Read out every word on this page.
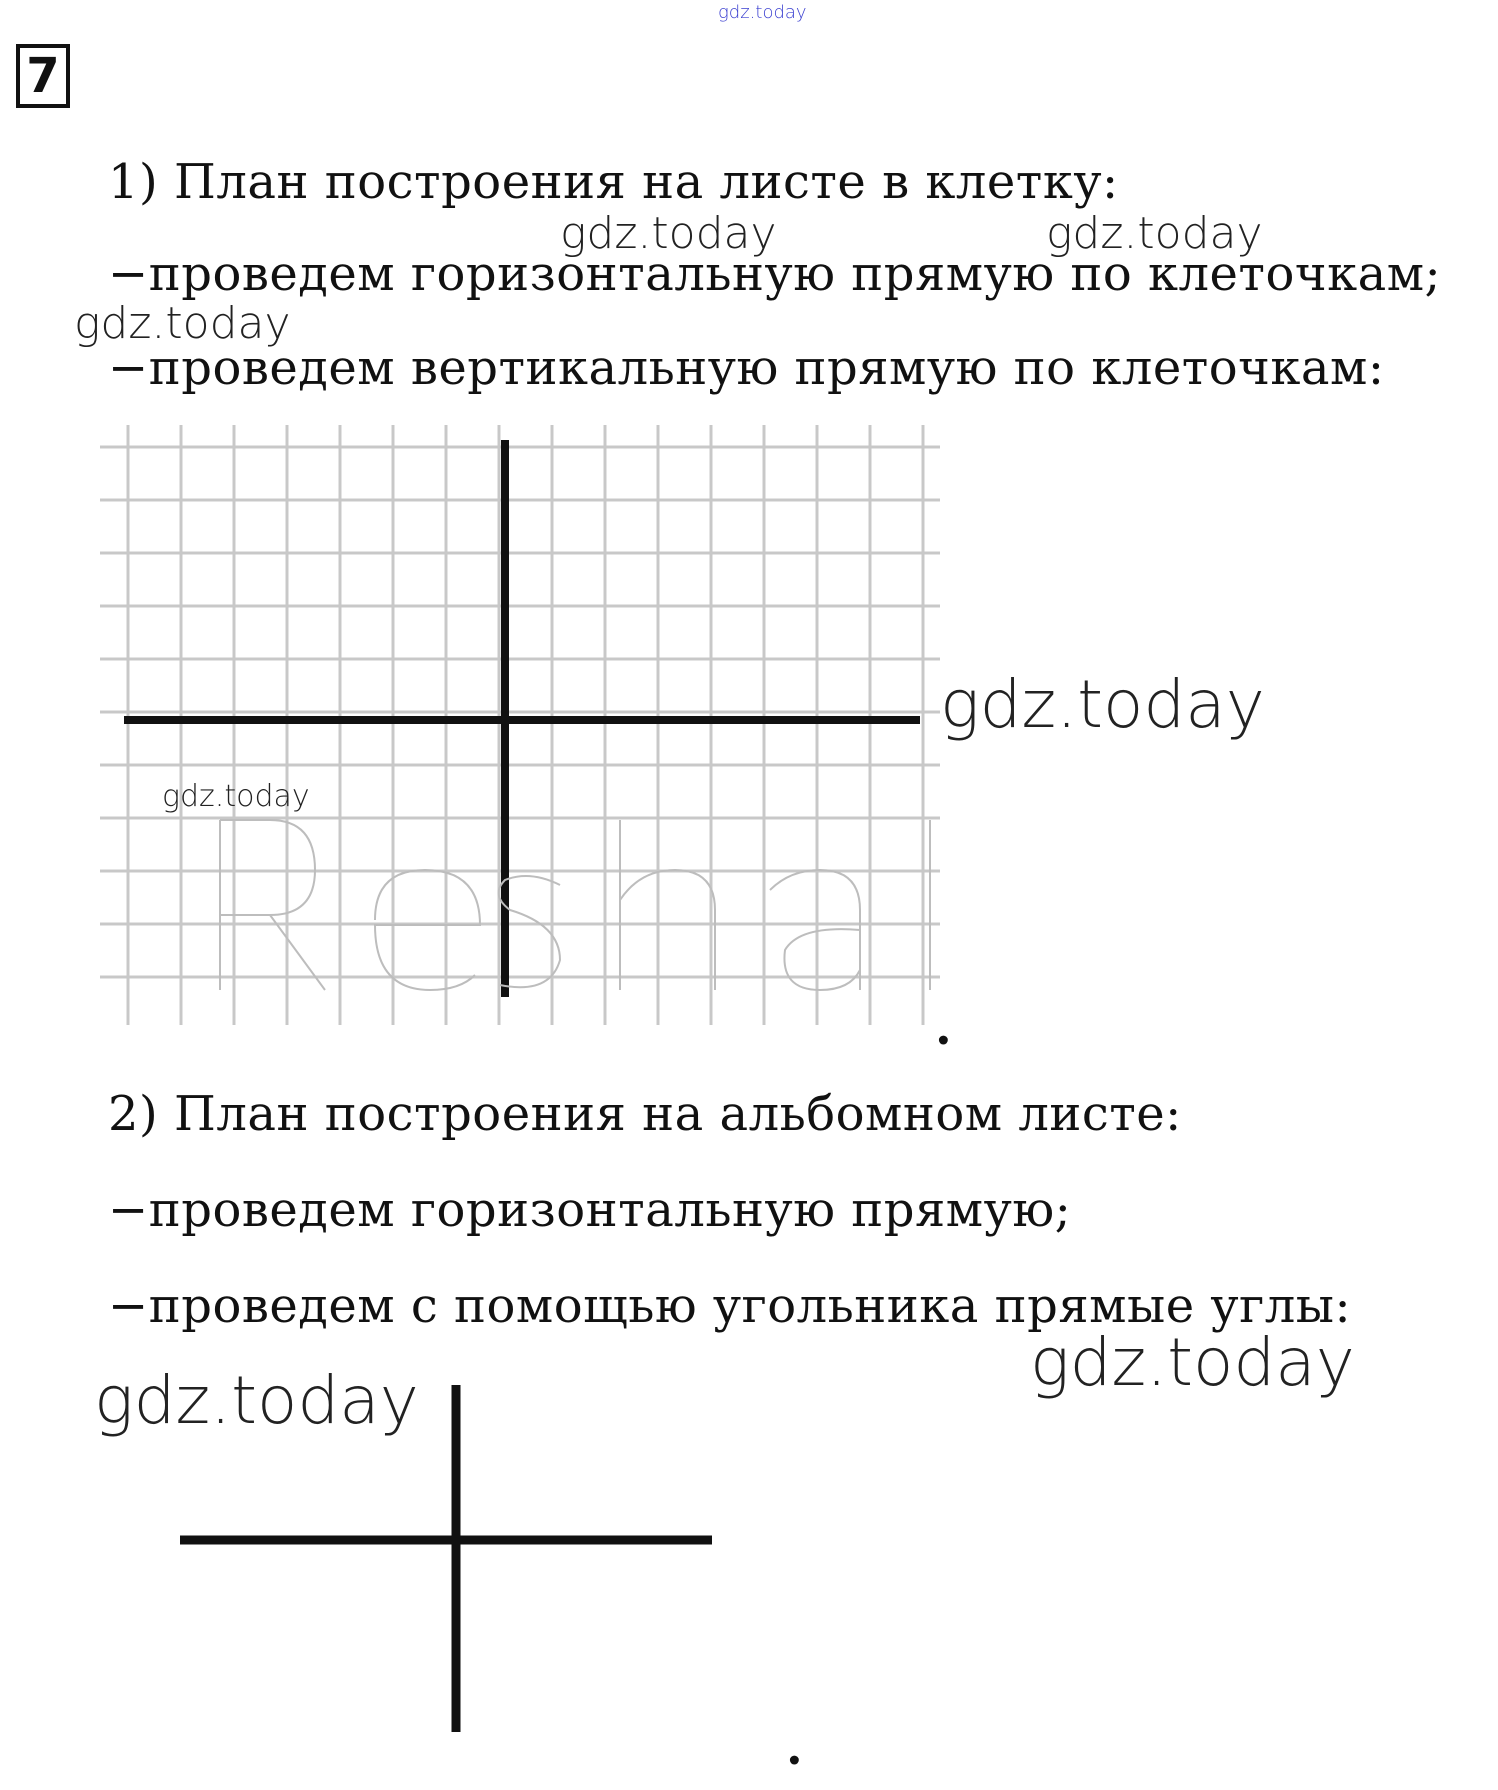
gdz.today
7
1) План построения на листе в клетку:
−проведем горизонтальную прямую по клеточкам;
−проведем вертикальную прямую по клеточкам:
gdz.today	gdz.today
gdz.today
gdz.today
gdz.today
.
2) План построения на альбомном листе:
−проведем горизонтальную прямую;
−проведем с помощью угольника прямые углы:
gdz.today
gdz.today
.
